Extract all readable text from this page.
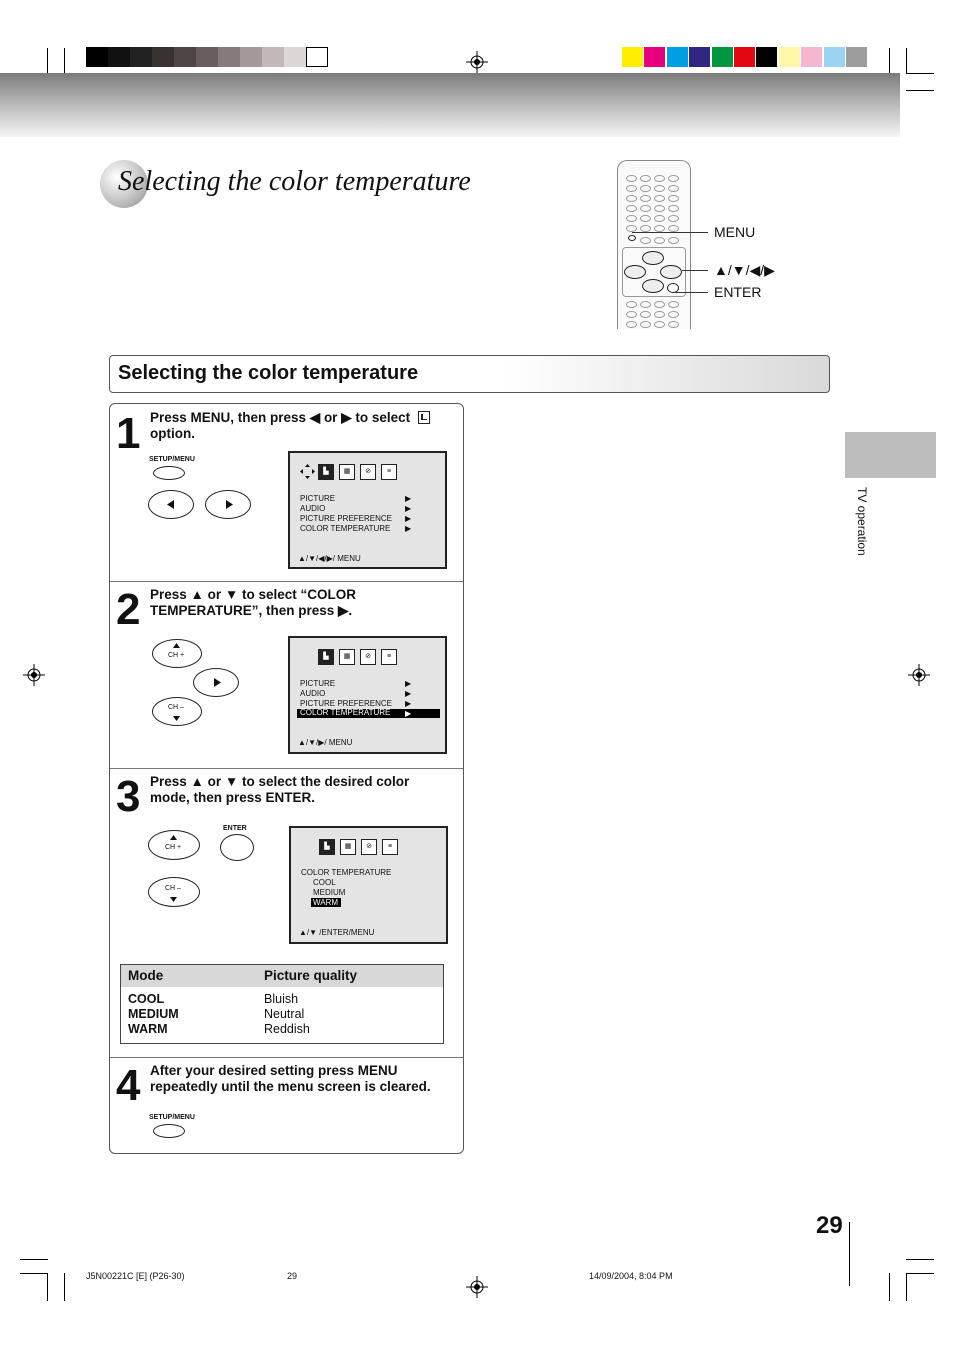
Selecting the color temperature
MENU
▲/▼/◀/▶
ENTER
Selecting the color temperature
TV operation
1 Press MENU, then press ◀ or ▶ to select

option.
SETUP/MENU
▙	▦	⊘	≡
PICTURE
AUDIO
PICTURE PREFERENCE
COLOR TEMPERATURE
▶
▶
▶
▶
▲/▼/◀/▶/ MENU
2 Press ▲ or ▼ to select “COLOR
TEMPERATURE”, then press ▶.
CH +
CH –
▙	▦	⊘	≡
PICTURE
AUDIO
PICTURE PREFERENCE
COLOR TEMPERATURE
▶
▶
▶
▶
▲/▼/▶/ MENU
3 Press ▲ or ▼ to select the desired color
mode, then press ENTER.
CH +
ENTER
CH –
▙	▦	⊘	≡
COLOR TEMPERATURE
COOL
MEDIUM
WARM
▲/▼ /ENTER/MENU
Mode	Picture quality
COOL	Bluish
MEDIUM	Neutral
WARM	Reddish
4 After your desired setting press MENU
repeatedly until the menu screen is cleared.
SETUP/MENU
29
J5N00221C [E] (P26-30)	29	14/09/2004, 8:04 PM
